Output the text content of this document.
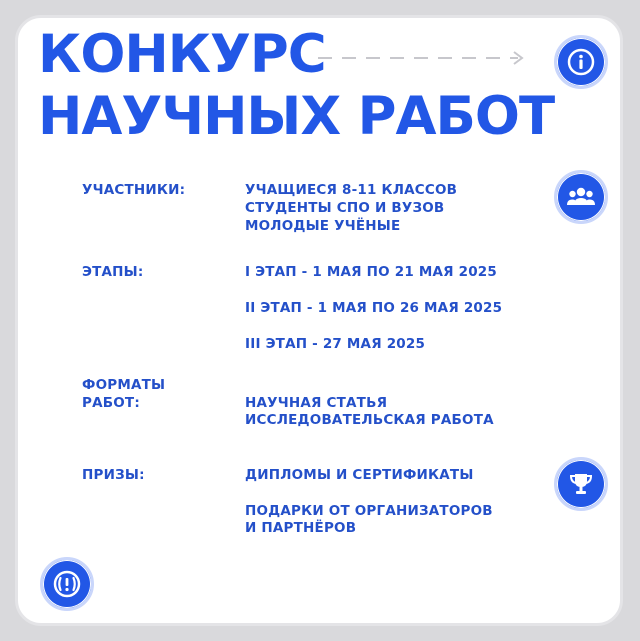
КОНКУРС
НАУЧНЫХ РАБОТ
УЧАСТНИКИ:	УЧАЩИЕСЯ 8-11 КЛАССОВ
СТУДЕНТЫ СПО И ВУЗОВ
МОЛОДЫЕ УЧЁНЫЕ
ЭТАПЫ:	I ЭТАП - 1 МАЯ ПО 21 МАЯ 2025
II ЭТАП - 1 МАЯ ПО 26 МАЯ 2025
III ЭТАП - 27 МАЯ 2025
ФОРМАТЫ
РАБОТ:	НАУЧНАЯ СТАТЬЯ
ИССЛЕДОВАТЕЛЬСКАЯ РАБОТА
ПРИЗЫ:	ДИПЛОМЫ И СЕРТИФИКАТЫ
ПОДАРКИ ОТ ОРГАНИЗАТОРОВ
И ПАРТНЁРОВ
